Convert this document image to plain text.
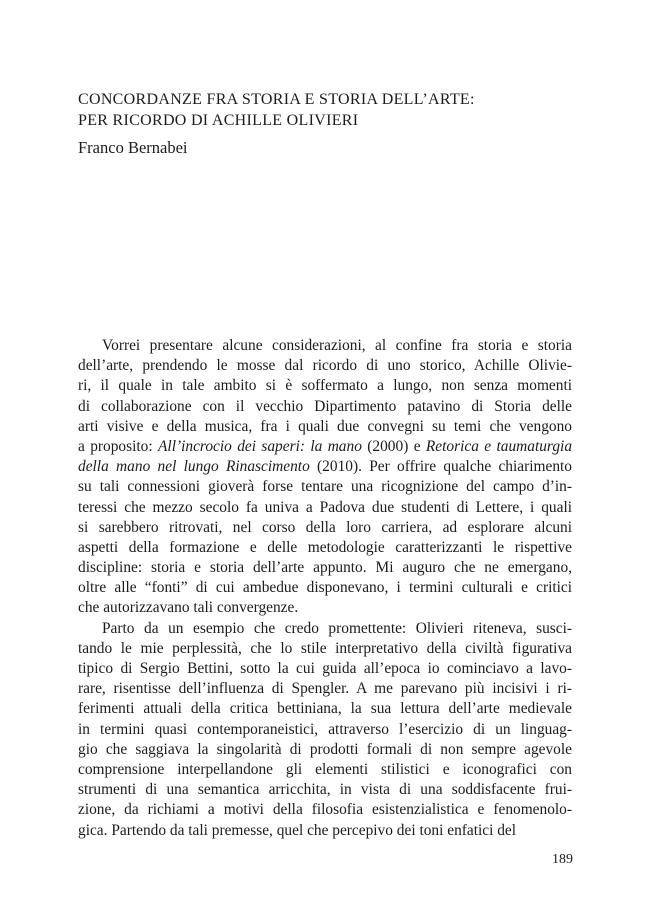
CONCORDANZE FRA STORIA E STORIA DELL’ARTE:
PER RICORDO DI ACHILLE OLIVIERI

Franco Bernabei

Vorrei presentare alcune considerazioni, al confine fra storia e storia
dell’arte, prendendo le mosse dal ricordo di uno storico, Achille Olivie-
ri, il quale in tale ambito si è soffermato a lungo, non senza momenti
di collaborazione con il vecchio Dipartimento patavino di Storia delle
arti visive e della musica, fra i quali due convegni su temi che vengono
a proposito: All’incrocio dei saperi: la mano (2000) e Retorica e taumaturgia
della mano nel lungo Rinascimento (2010). Per offrire qualche chiarimento
su tali connessioni gioverà forse tentare una ricognizione del campo d’in-
teressi che mezzo secolo fa univa a Padova due studenti di Lettere, i quali
si sarebbero ritrovati, nel corso della loro carriera, ad esplorare alcuni
aspetti della formazione e delle metodologie caratterizzanti le rispettive
discipline: storia e storia dell’arte appunto. Mi auguro che ne emergano,
oltre alle “fonti” di cui ambedue disponevano, i termini culturali e critici
che autorizzavano tali convergenze.
Parto da un esempio che credo promettente: Olivieri riteneva, susci-
tando le mie perplessità, che lo stile interpretativo della civiltà figurativa
tipico di Sergio Bettini, sotto la cui guida all’epoca io cominciavo a lavo-
rare, risentisse dell’influenza di Spengler. A me parevano più incisivi i ri-
ferimenti attuali della critica bettiniana, la sua lettura dell’arte medievale
in termini quasi contemporaneistici, attraverso l’esercizio di un linguag-
gio che saggiava la singolarità di prodotti formali di non sempre agevole
comprensione interpellandone gli elementi stilistici e iconografici con
strumenti di una semantica arricchita, in vista di una soddisfacente frui-
zione, da richiami a motivi della filosofia esistenzialistica e fenomenolo-
gica. Partendo da tali premesse, quel che percepivo dei toni enfatici del
189
